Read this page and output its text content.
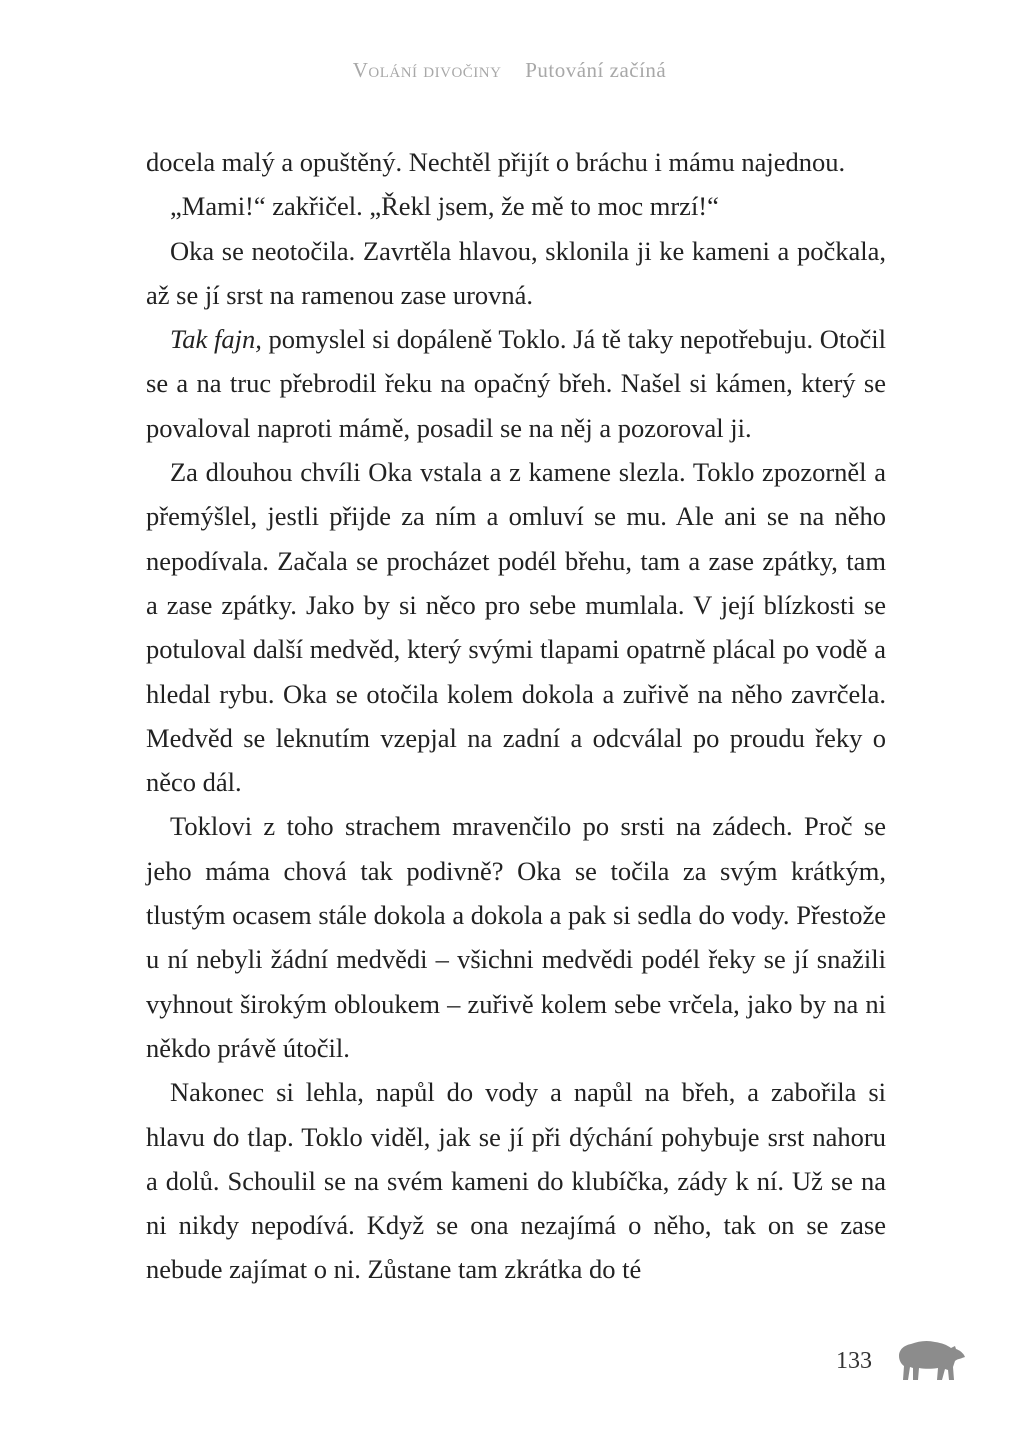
Volání divočiny Putování začíná

docela malý a opuštěný. Nechtěl přijít o bráchu i mámu najednou.

„Mami!“ zakřičel. „Řekl jsem, že mě to moc mrzí!“

Oka se neotočila. Zavrtěla hlavou, sklonila ji ke kameni a počkala, až se jí srst na ramenou zase urovná.

Tak fajn, pomyslel si dopáleně Toklo. Já tě taky nepotřebuju. Otočil se a na truc přebrodil řeku na opačný břeh. Našel si kámen, který se povaloval naproti mámě, posadil se na něj a pozoroval ji.

Za dlouhou chvíli Oka vstala a z kamene slezla. Toklo zpozorněl a přemýšlel, jestli přijde za ním a omluví se mu. Ale ani se na něho nepodívala. Začala se procházet podél břehu, tam a zase zpátky, tam a zase zpátky. Jako by si něco pro sebe mumlala. V její blízkosti se potuloval další medvěd, který svými tlapami opatrně plácal po vodě a hledal rybu. Oka se otočila kolem dokola a zuřivě na něho zavrčela. Medvěd se leknutím vzepjal na zadní a odcválal po proudu řeky o něco dál.

Toklovi z toho strachem mravenčilo po srsti na zádech. Proč se jeho máma chová tak podivně? Oka se točila za svým krátkým, tlustým ocasem stále dokola a dokola a pak si sedla do vody. Přestože u ní nebyli žádní medvědi – všichni medvědi podél řeky se jí snažili vyhnout širokým obloukem – zuřivě kolem sebe vrčela, jako by na ni někdo právě útočil.

Nakonec si lehla, napůl do vody a napůl na břeh, a zabořila si hlavu do tlap. Toklo viděl, jak se jí při dýchání pohybuje srst nahoru a dolů. Schoulil se na svém kameni do klubíčka, zády k ní. Už se na ni nikdy nepodívá. Když se ona nezajímá o něho, tak on se zase nebude zajímat o ni. Zůstane tam zkrátka do té

133
